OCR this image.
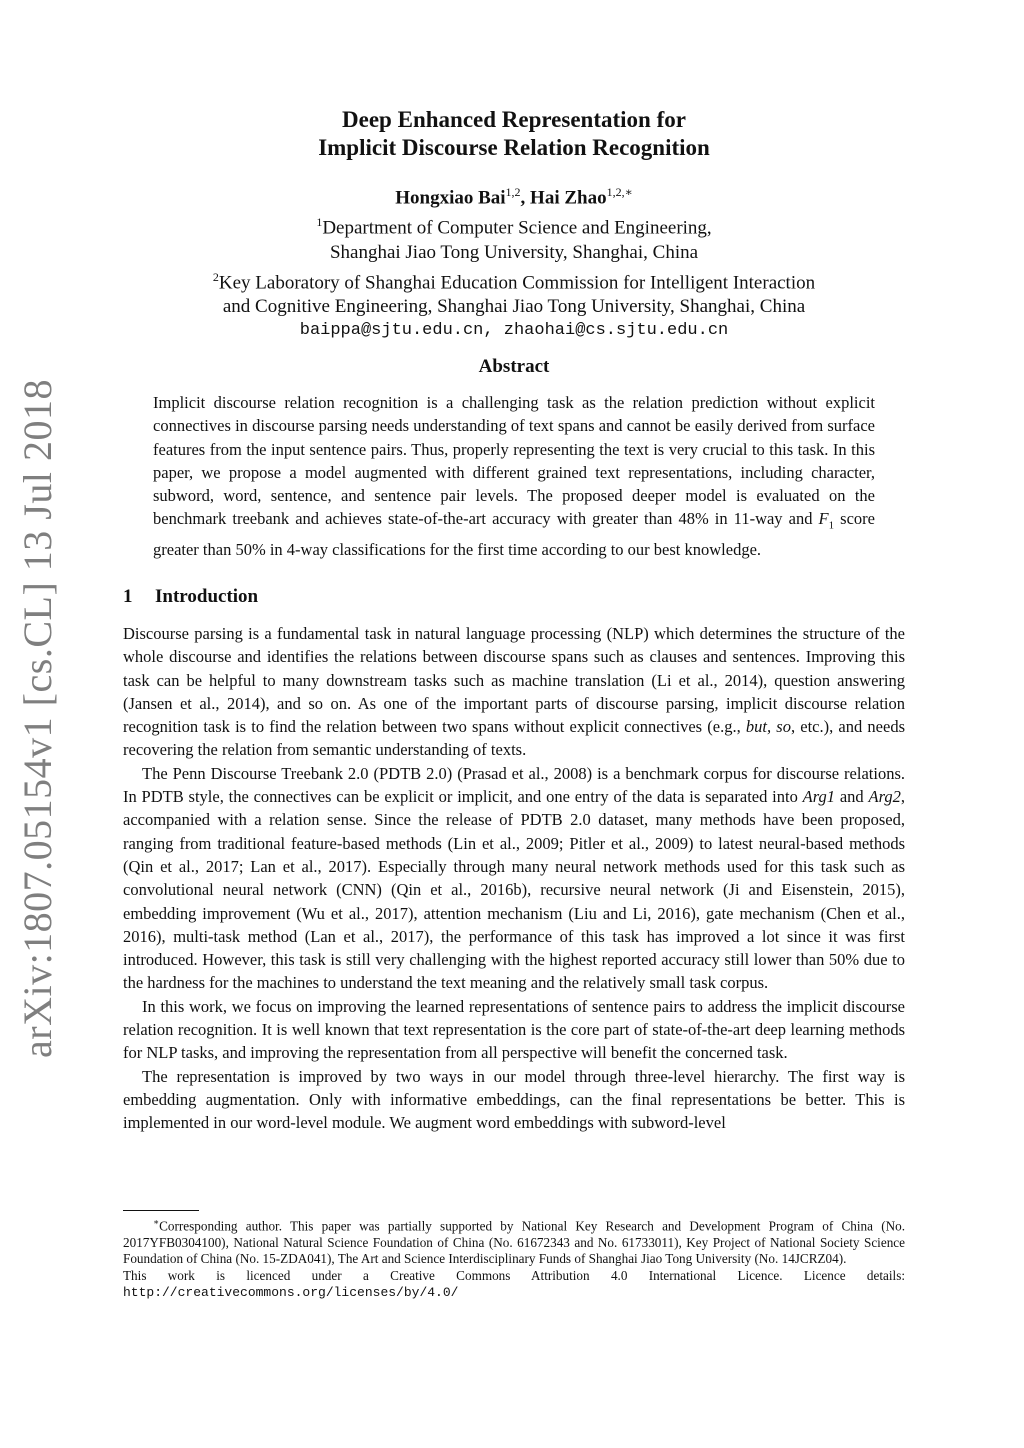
arXiv:1807.05154v1 [cs.CL] 13 Jul 2018
Deep Enhanced Representation for
Implicit Discourse Relation Recognition
Hongxiao Bai$^{1,2}$, Hai Zhao$^{1,2,∗}$
$^1$Department of Computer Science and Engineering,
Shanghai Jiao Tong University, Shanghai, China
$^2$Key Laboratory of Shanghai Education Commission for Intelligent Interaction
and Cognitive Engineering, Shanghai Jiao Tong University, Shanghai, China
baippa@sjtu.edu.cn, zhaohai@cs.sjtu.edu.cn
Abstract
Implicit discourse relation recognition is a challenging task as the relation prediction without explicit connectives in discourse parsing needs understanding of text spans and cannot be easily derived from surface features from the input sentence pairs. Thus, properly representing the text is very crucial to this task. In this paper, we propose a model augmented with different grained text representations, including character, subword, word, sentence, and sentence pair levels. The proposed deeper model is evaluated on the benchmark treebank and achieves state-of-the-art accuracy with greater than 48% in 11-way and $F_1$ score greater than 50% in 4-way classifications for the first time according to our best knowledge.
1 Introduction

Discourse parsing is a fundamental task in natural language processing (NLP) which determines the structure of the whole discourse and identifies the relations between discourse spans such as clauses and sentences. Improving this task can be helpful to many downstream tasks such as machine translation (Li et al., 2014), question answering (Jansen et al., 2014), and so on. As one of the important parts of discourse parsing, implicit discourse relation recognition task is to find the relation between two spans without explicit connectives (e.g., but, so, etc.), and needs recovering the relation from semantic understanding of texts.

The Penn Discourse Treebank 2.0 (PDTB 2.0) (Prasad et al., 2008) is a benchmark corpus for discourse relations. In PDTB style, the connectives can be explicit or implicit, and one entry of the data is separated into Arg1 and Arg2, accompanied with a relation sense. Since the release of PDTB 2.0 dataset, many methods have been proposed, ranging from traditional feature-based methods (Lin et al., 2009; Pitler et al., 2009) to latest neural-based methods (Qin et al., 2017; Lan et al., 2017). Especially through many neural network methods used for this task such as convolutional neural network (CNN) (Qin et al., 2016b), recursive neural network (Ji and Eisenstein, 2015), embedding improvement (Wu et al., 2017), attention mechanism (Liu and Li, 2016), gate mechanism (Chen et al., 2016), multi-task method (Lan et al., 2017), the performance of this task has improved a lot since it was first introduced. However, this task is still very challenging with the highest reported accuracy still lower than 50% due to the hardness for the machines to understand the text meaning and the relatively small task corpus.

In this work, we focus on improving the learned representations of sentence pairs to address the implicit discourse relation recognition. It is well known that text representation is the core part of state-of-the-art deep learning methods for NLP tasks, and improving the representation from all perspective will benefit the concerned task.

The representation is improved by two ways in our model through three-level hierarchy. The first way is embedding augmentation. Only with informative embeddings, can the final representations be better. This is implemented in our word-level module. We augment word embeddings with subword-level

∗Corresponding author. This paper was partially supported by National Key Research and Development Program of China (No. 2017YFB0304100), National Natural Science Foundation of China (No. 61672343 and No. 61733011), Key Project of National Society Science Foundation of China (No. 15-ZDA041), The Art and Science Interdisciplinary Funds of Shanghai Jiao Tong University (No. 14JCRZ04).

This work is licenced under a Creative Commons Attribution 4.0 International Licence. Licence details: http://creativecommons.org/licenses/by/4.0/
